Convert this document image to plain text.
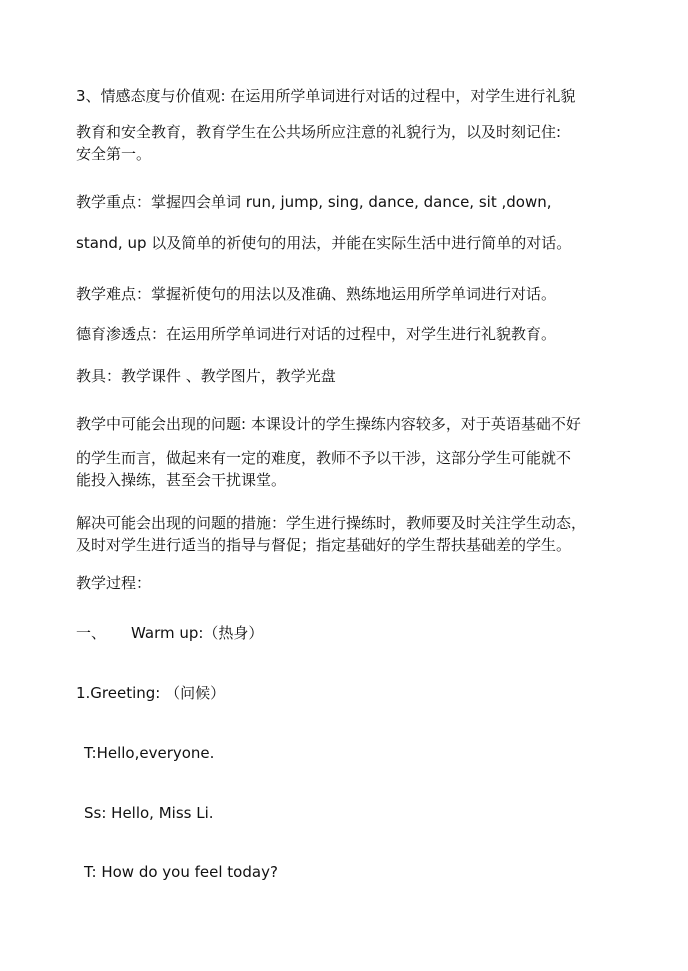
3、情感态度与价值观: 在运用所学单词进行对话的过程中，对学生进行礼貌
教育和安全教育，教育学生在公共场所应注意的礼貌行为，以及时刻记住:
安全第一。
教学重点：掌握四会单词 run, jump, sing, dance, dance, sit ,down,
stand, up 以及简单的祈使句的用法，并能在实际生活中进行简单的对话。
教学难点：掌握祈使句的用法以及准确、熟练地运用所学单词进行对话。
德育渗透点：在运用所学单词进行对话的过程中，对学生进行礼貌教育。
教具：教学课件 、教学图片，教学光盘
教学中可能会出现的问题: 本课设计的学生操练内容较多，对于英语基础不好
的学生而言，做起来有一定的难度，教师不予以干涉，这部分学生可能就不
能投入操练，甚至会干扰课堂。
解决可能会出现的问题的措施：学生进行操练时，教师要及时关注学生动态，
及时对学生进行适当的指导与督促；指定基础好的学生帮扶基础差的学生。
教学过程：
一、 Warm up:（热身）
1.Greeting: （问候）
T:Hello,everyone.
Ss: Hello, Miss Li.
T: How do you feel today?
